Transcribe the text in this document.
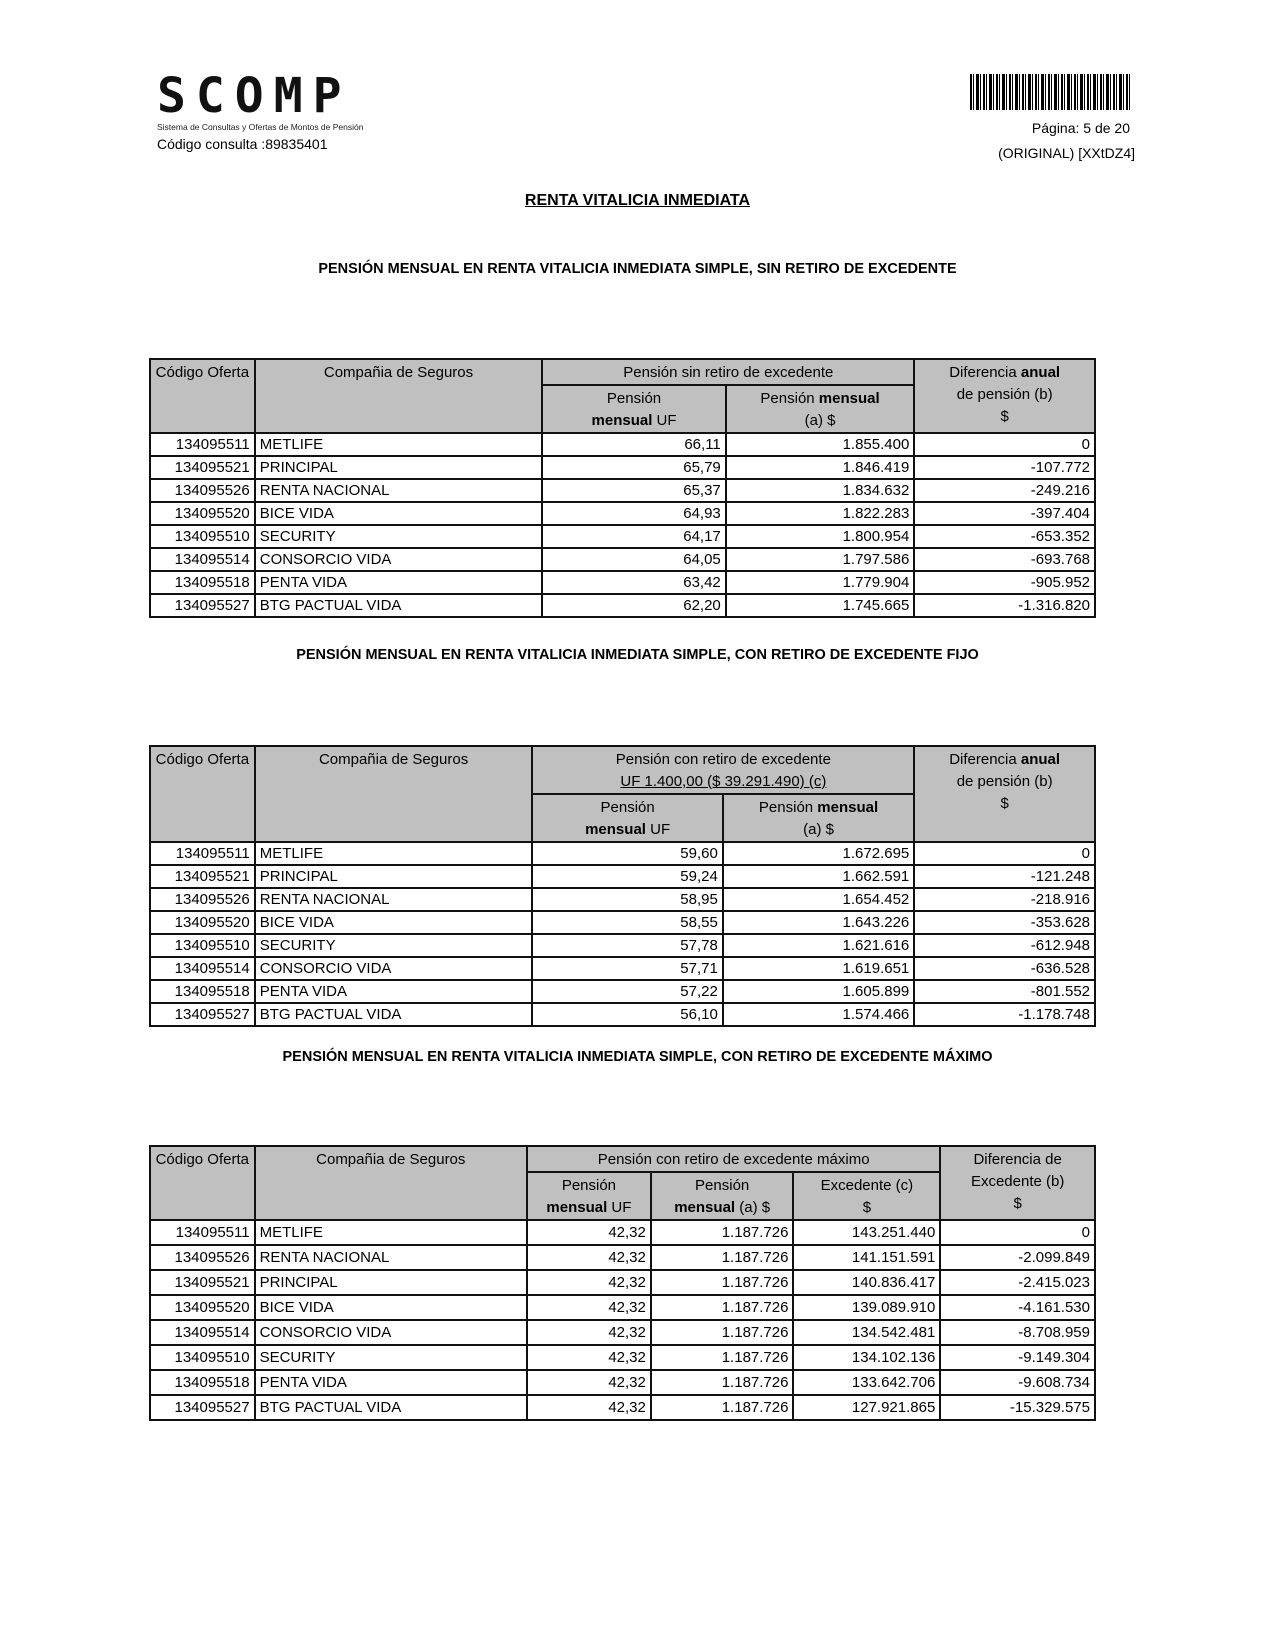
SCOMP
Sistema de Consultas y Ofertas de Montos de Pensión
Código consulta :89835401
Página: 5 de 20
(ORIGINAL) [XXtDZ4]
RENTA VITALICIA INMEDIATA
PENSIÓN MENSUAL EN RENTA VITALICIA INMEDIATA SIMPLE, SIN RETIRO DE EXCEDENTE
Código Oferta	Compañia de Seguros	Pensión sin retiro de excedente		Diferencia anual
de pensión (b)
$
		Pensión
mensual UF	Pensión mensual
(a) $	
134095511	METLIFE	66,11	1.855.400	0
134095521	PRINCIPAL	65,79	1.846.419	-107.772
134095526	RENTA NACIONAL	65,37	1.834.632	-249.216
134095520	BICE VIDA	64,93	1.822.283	-397.404
134095510	SECURITY	64,17	1.800.954	-653.352
134095514	CONSORCIO VIDA	64,05	1.797.586	-693.768
134095518	PENTA VIDA	63,42	1.779.904	-905.952
134095527	BTG PACTUAL VIDA	62,20	1.745.665	-1.316.820
PENSIÓN MENSUAL EN RENTA VITALICIA INMEDIATA SIMPLE, CON RETIRO DE EXCEDENTE FIJO
Código Oferta	Compañia de Seguros	Pensión con retiro de excedente
UF 1.400,00 ($ 39.291.490) (c)		Diferencia anual
de pensión (b)
$
		Pensión
mensual UF	Pensión mensual
(a) $	
134095511	METLIFE	59,60	1.672.695	0
134095521	PRINCIPAL	59,24	1.662.591	-121.248
134095526	RENTA NACIONAL	58,95	1.654.452	-218.916
134095520	BICE VIDA	58,55	1.643.226	-353.628
134095510	SECURITY	57,78	1.621.616	-612.948
134095514	CONSORCIO VIDA	57,71	1.619.651	-636.528
134095518	PENTA VIDA	57,22	1.605.899	-801.552
134095527	BTG PACTUAL VIDA	56,10	1.574.466	-1.178.748
PENSIÓN MENSUAL EN RENTA VITALICIA INMEDIATA SIMPLE, CON RETIRO DE EXCEDENTE MÁXIMO
Código Oferta	Compañia de Seguros	Pensión con retiro de excedente máximo			Diferencia de
Excedente (b)
$
		Pensión
mensual UF	Pensión
mensual (a) $	Excedente (c)
$	
134095511	METLIFE	42,32	1.187.726	143.251.440	0
134095526	RENTA NACIONAL	42,32	1.187.726	141.151.591	-2.099.849
134095521	PRINCIPAL	42,32	1.187.726	140.836.417	-2.415.023
134095520	BICE VIDA	42,32	1.187.726	139.089.910	-4.161.530
134095514	CONSORCIO VIDA	42,32	1.187.726	134.542.481	-8.708.959
134095510	SECURITY	42,32	1.187.726	134.102.136	-9.149.304
134095518	PENTA VIDA	42,32	1.187.726	133.642.706	-9.608.734
134095527	BTG PACTUAL VIDA	42,32	1.187.726	127.921.865	-15.329.575
